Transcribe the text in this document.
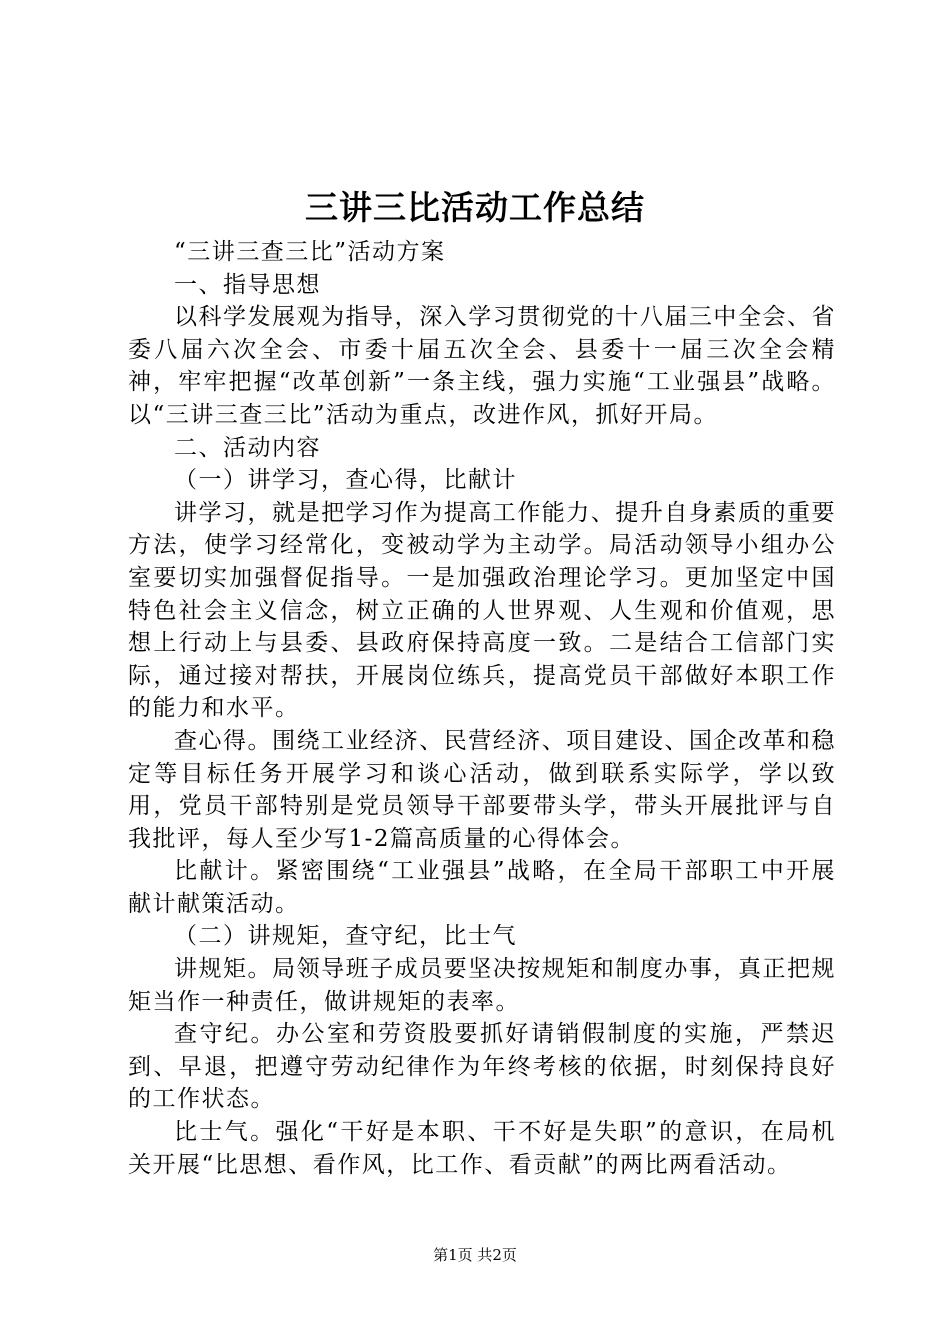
三讲三比活动工作总结

“三讲三查三比”活动方案

一、指导思想

以科学发展观为指导，深入学习贯彻党的十八届三中全会、省委八届六次全会、市委十届五次全会、县委十一届三次全会精神，牢牢把握“改革创新”一条主线，强力实施“工业强县”战略。以“三讲三查三比”活动为重点，改进作风，抓好开局。

二、活动内容

（一）讲学习，查心得，比献计

讲学习，就是把学习作为提高工作能力、提升自身素质的重要方法，使学习经常化，变被动学为主动学。局活动领导小组办公室要切实加强督促指导。一是加强政治理论学习。更加坚定中国特色社会主义信念，树立正确的人世界观、人生观和价值观，思想上行动上与县委、县政府保持高度一致。二是结合工信部门实际，通过接对帮扶，开展岗位练兵，提高党员干部做好本职工作的能力和水平。

查心得。围绕工业经济、民营经济、项目建设、国企改革和稳定等目标任务开展学习和谈心活动，做到联系实际学，学以致用，党员干部特别是党员领导干部要带头学，带头开展批评与自我批评，每人至少写1-2篇高质量的心得体会。

比献计。紧密围绕“工业强县”战略，在全局干部职工中开展献计献策活动。

（二）讲规矩，查守纪，比士气

讲规矩。局领导班子成员要坚决按规矩和制度办事，真正把规矩当作一种责任，做讲规矩的表率。

查守纪。办公室和劳资股要抓好请销假制度的实施，严禁迟到、早退，把遵守劳动纪律作为年终考核的依据，时刻保持良好的工作状态。

比士气。强化“干好是本职、干不好是失职”的意识，在局机关开展“比思想、看作风，比工作、看贡献”的两比两看活动。

第1页 共2页
